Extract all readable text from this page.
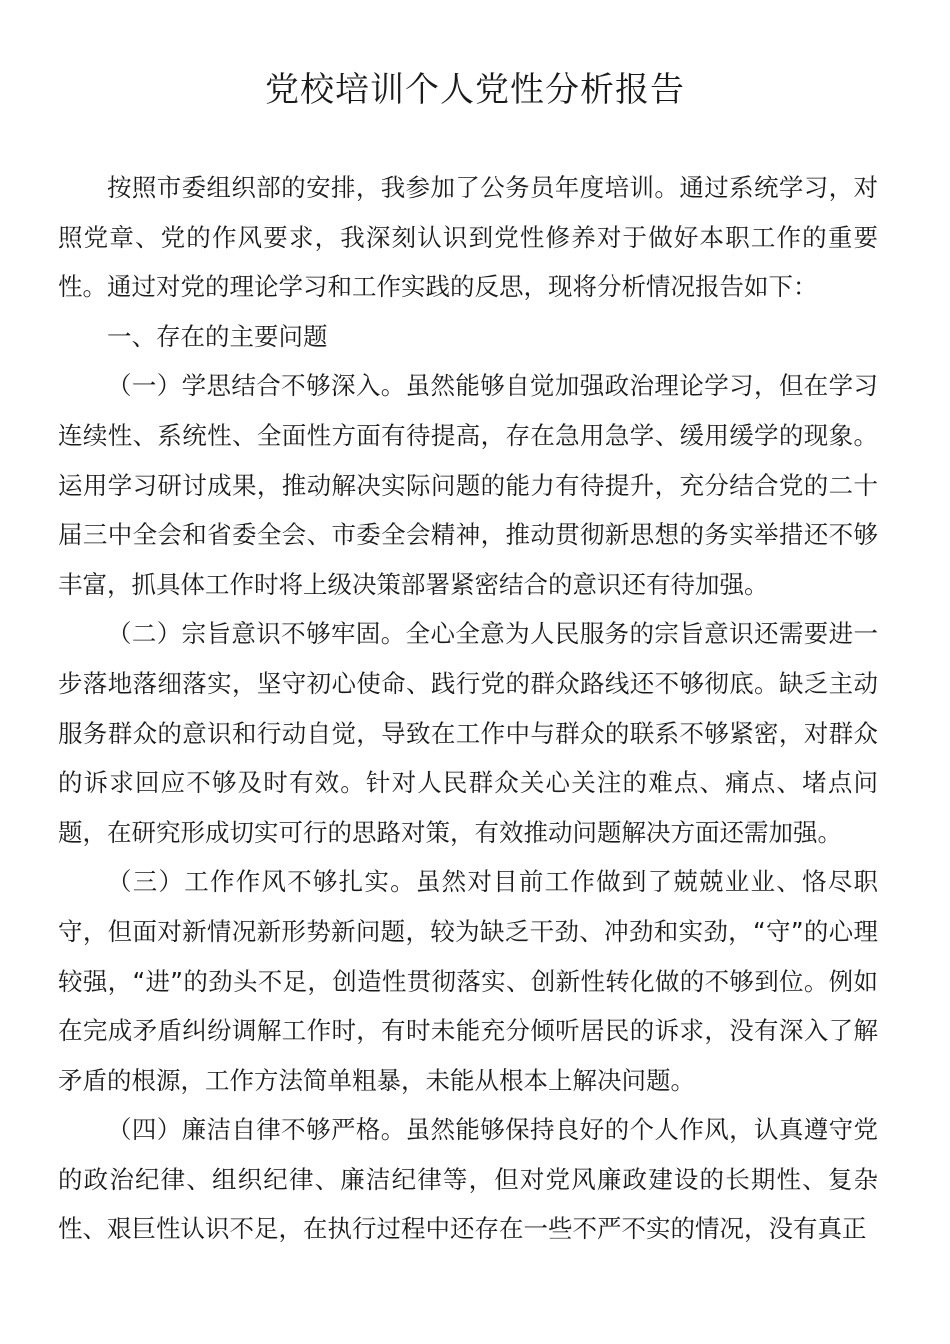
党校培训个人党性分析报告

按照市委组织部的安排，我参加了公务员年度培训。通过系统学习，对照党章、党的作风要求，我深刻认识到党性修养对于做好本职工作的重要性。通过对党的理论学习和工作实践的反思，现将分析情况报告如下：

一、存在的主要问题

（一）学思结合不够深入。虽然能够自觉加强政治理论学习，但在学习连续性、系统性、全面性方面有待提高，存在急用急学、缓用缓学的现象。运用学习研讨成果，推动解决实际问题的能力有待提升，充分结合党的二十届三中全会和省委全会、市委全会精神，推动贯彻新思想的务实举措还不够丰富，抓具体工作时将上级决策部署紧密结合的意识还有待加强。

（二）宗旨意识不够牢固。全心全意为人民服务的宗旨意识还需要进一步落地落细落实，坚守初心使命、践行党的群众路线还不够彻底。缺乏主动服务群众的意识和行动自觉，导致在工作中与群众的联系不够紧密，对群众的诉求回应不够及时有效。针对人民群众关心关注的难点、痛点、堵点问题，在研究形成切实可行的思路对策，有效推动问题解决方面还需加强。

（三）工作作风不够扎实。虽然对目前工作做到了兢兢业业、恪尽职守，但面对新情况新形势新问题，较为缺乏干劲、冲劲和实劲，“守”的心理较强，“进”的劲头不足，创造性贯彻落实、创新性转化做的不够到位。例如在完成矛盾纠纷调解工作时，有时未能充分倾听居民的诉求，没有深入了解矛盾的根源，工作方法简单粗暴，未能从根本上解决问题。

（四）廉洁自律不够严格。虽然能够保持良好的个人作风，认真遵守党的政治纪律、组织纪律、廉洁纪律等，但对党风廉政建设的长期性、复杂性、艰巨性认识不足，在执行过程中还存在一些不严不实的情况，没有真正
